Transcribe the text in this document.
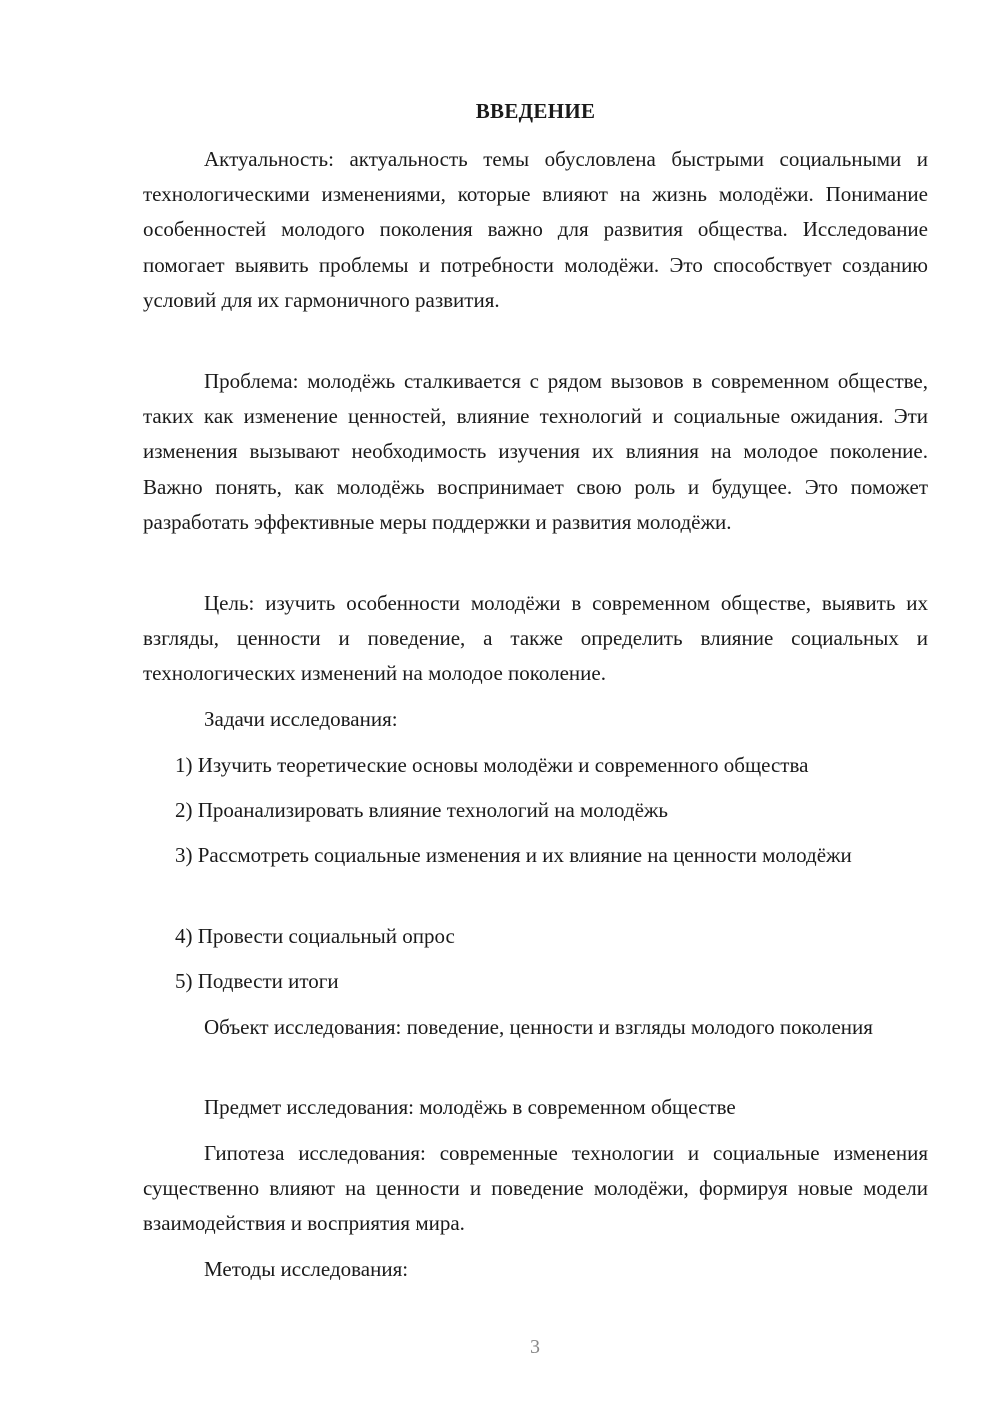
ВВЕДЕНИЕ

Актуальность: актуальность темы обусловлена быстрыми социальными и технологическими изменениями, которые влияют на жизнь молодёжи. Понимание особенностей молодого поколения важно для развития общества. Исследование помогает выявить проблемы и потребности молодёжи. Это способствует созданию условий для их гармоничного развития.

Проблема: молодёжь сталкивается с рядом вызовов в современном обществе, таких как изменение ценностей, влияние технологий и социальные ожидания. Эти изменения вызывают необходимость изучения их влияния на молодое поколение. Важно понять, как молодёжь воспринимает свою роль и будущее. Это поможет разработать эффективные меры поддержки и развития молодёжи.

Цель: изучить особенности молодёжи в современном обществе, выявить их взгляды, ценности и поведение, а также определить влияние социальных и технологических изменений на молодое поколение.

Задачи исследования:

1) Изучить теоретические основы молодёжи и современного общества

2) Проанализировать влияние технологий на молодёжь

3) Рассмотреть социальные изменения и их влияние на ценности молодёжи

4) Провести социальный опрос

5) Подвести итоги

Объект исследования: поведение, ценности и взгляды молодого поколения

Предмет исследования: молодёжь в современном обществе

Гипотеза исследования: современные технологии и социальные изменения существенно влияют на ценности и поведение молодёжи, формируя новые модели взаимодействия и восприятия мира.

Методы исследования:

3
